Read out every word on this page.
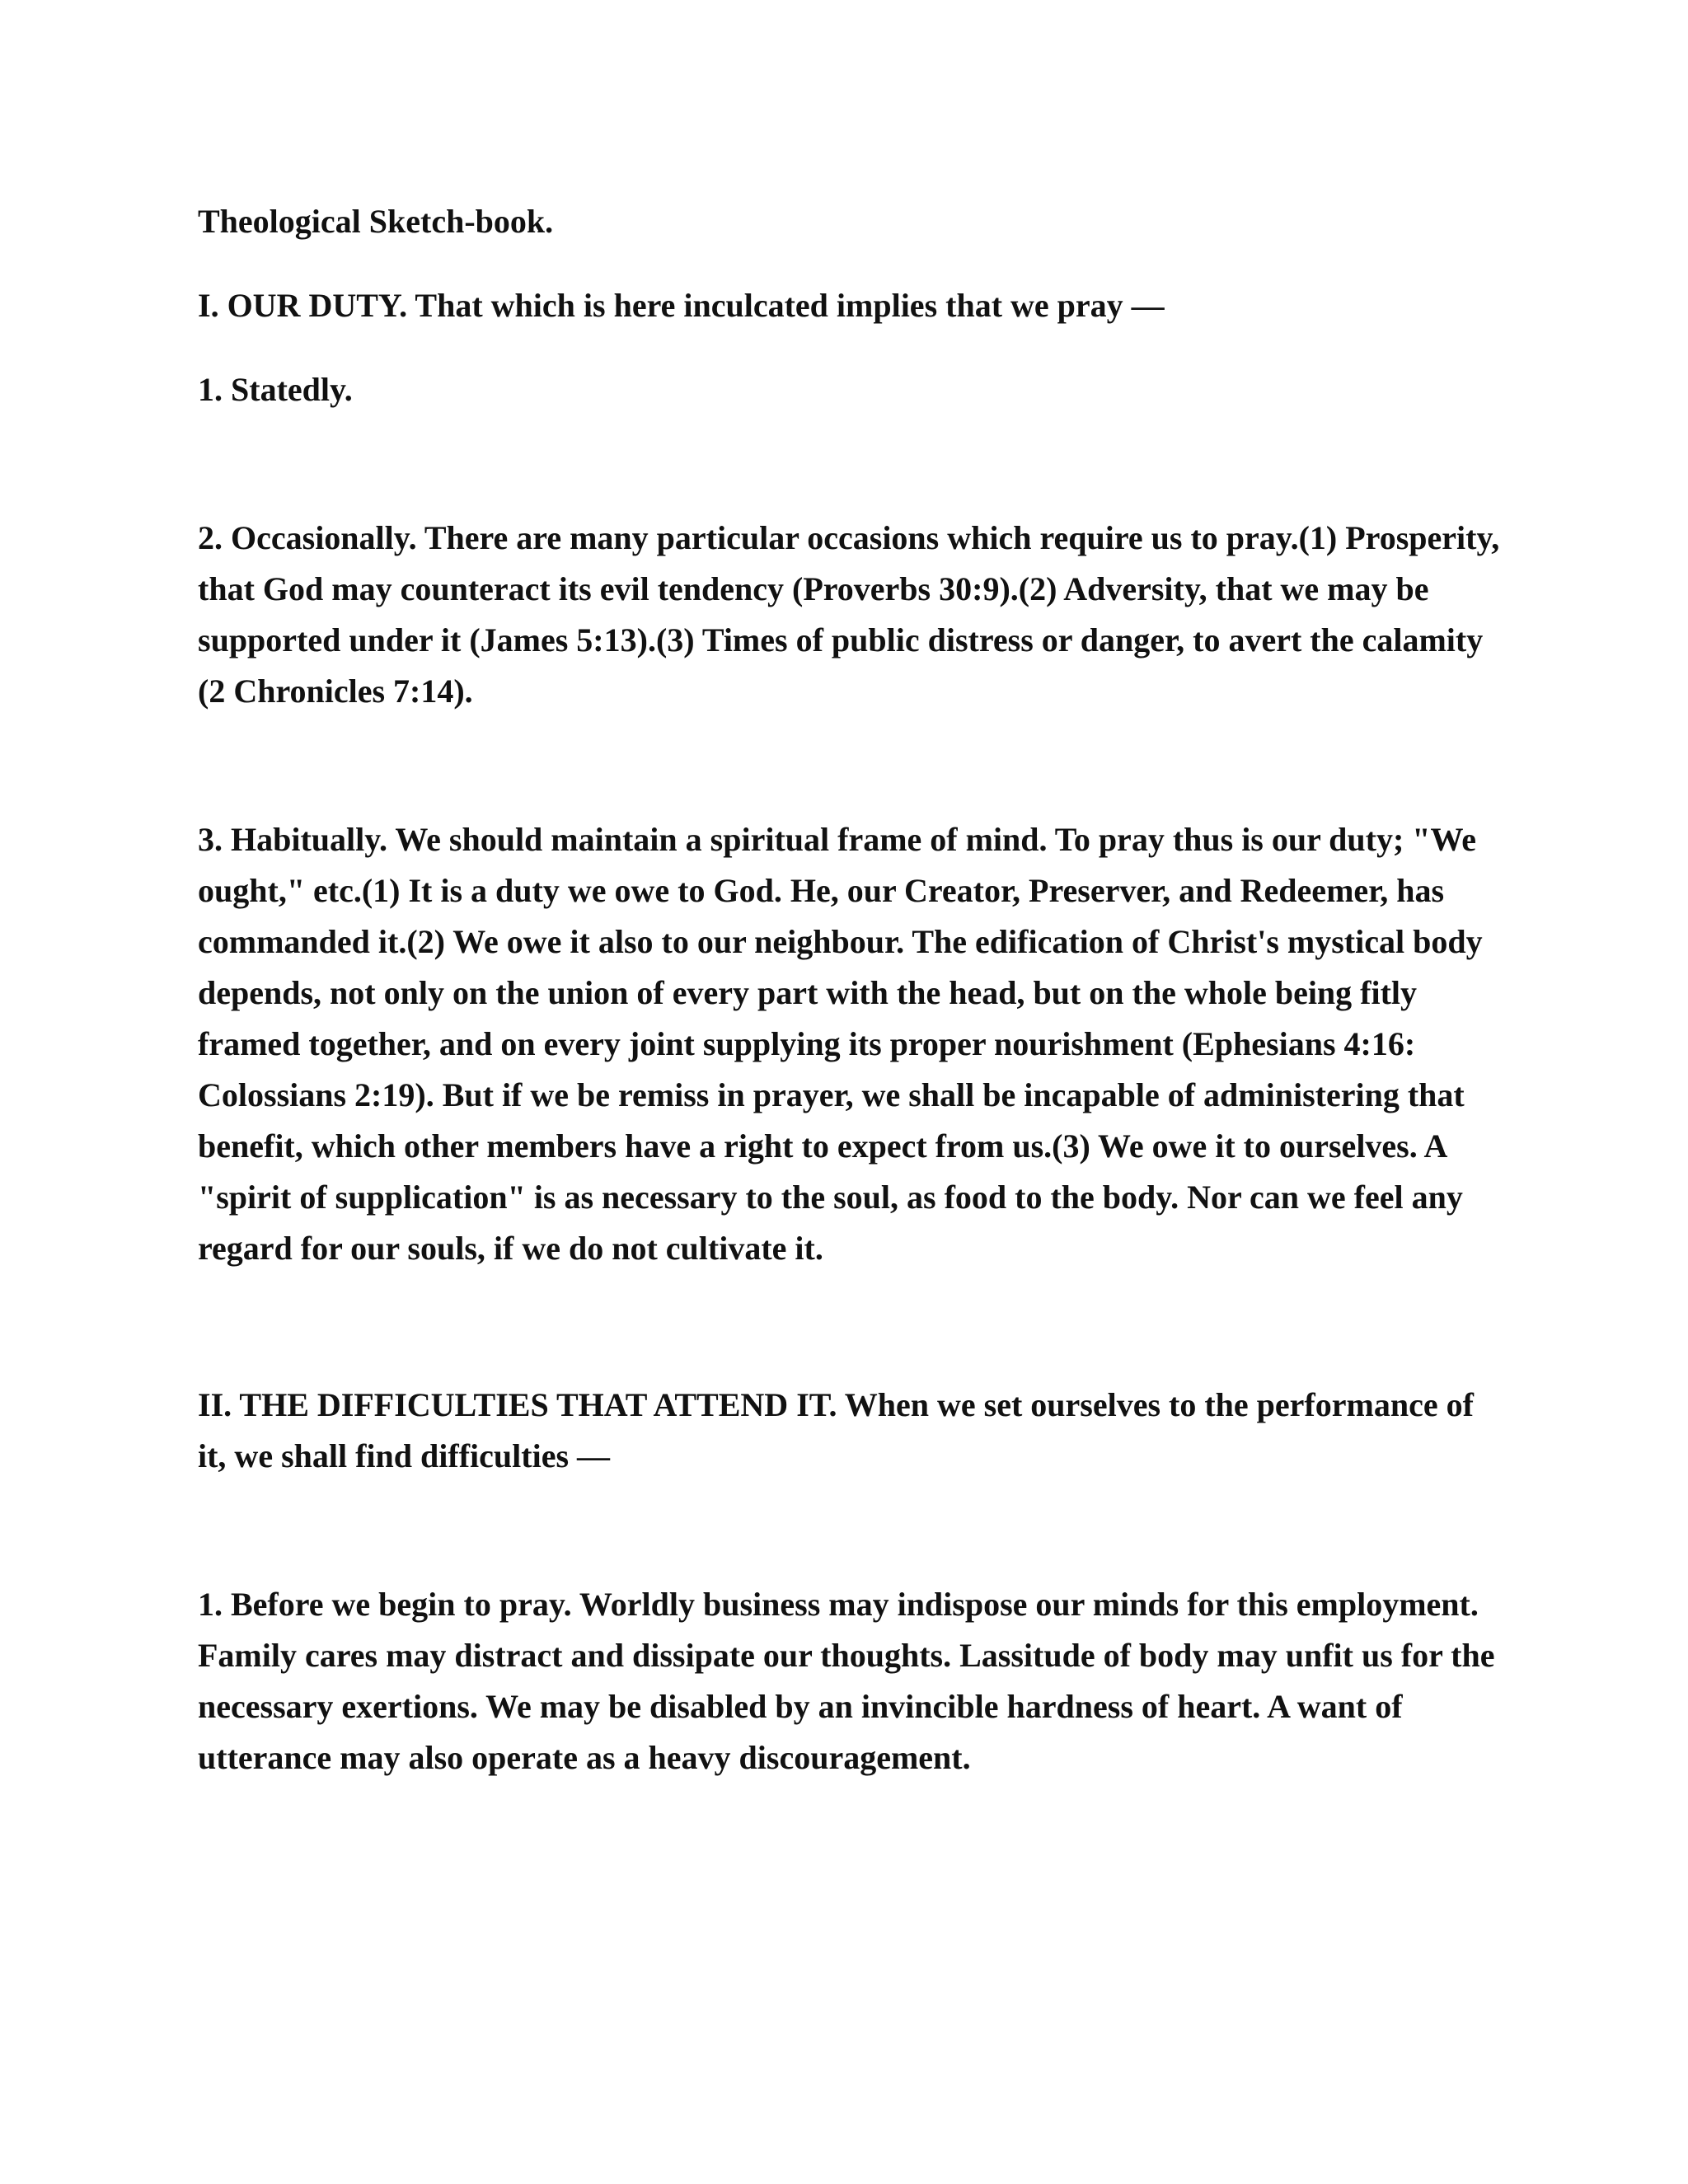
Theological Sketch-book.

I. OUR DUTY. That which is here inculcated implies that we pray —

1. Statedly.

2. Occasionally. There are many particular occasions which require us to pray.(1) Prosperity, that God may counteract its evil tendency (Proverbs 30:9).(2) Adversity, that we may be supported under it (James 5:13).(3) Times of public distress or danger, to avert the calamity (2 Chronicles 7:14).

3. Habitually. We should maintain a spiritual frame of mind. To pray thus is our duty; "We ought," etc.(1) It is a duty we owe to God. He, our Creator, Preserver, and Redeemer, has commanded it.(2) We owe it also to our neighbour. The edification of Christ's mystical body depends, not only on the union of every part with the head, but on the whole being fitly framed together, and on every joint supplying its proper nourishment (Ephesians 4:16: Colossians 2:19). But if we be remiss in prayer, we shall be incapable of administering that benefit, which other members have a right to expect from us.(3) We owe it to ourselves. A "spirit of supplication" is as necessary to the soul, as food to the body. Nor can we feel any regard for our souls, if we do not cultivate it.

II. THE DIFFICULTIES THAT ATTEND IT. When we set ourselves to the performance of it, we shall find difficulties —

1. Before we begin to pray. Worldly business may indispose our minds for this employment. Family cares may distract and dissipate our thoughts. Lassitude of body may unfit us for the necessary exertions. We may be disabled by an invincible hardness of heart. A want of utterance may also operate as a heavy discouragement.
